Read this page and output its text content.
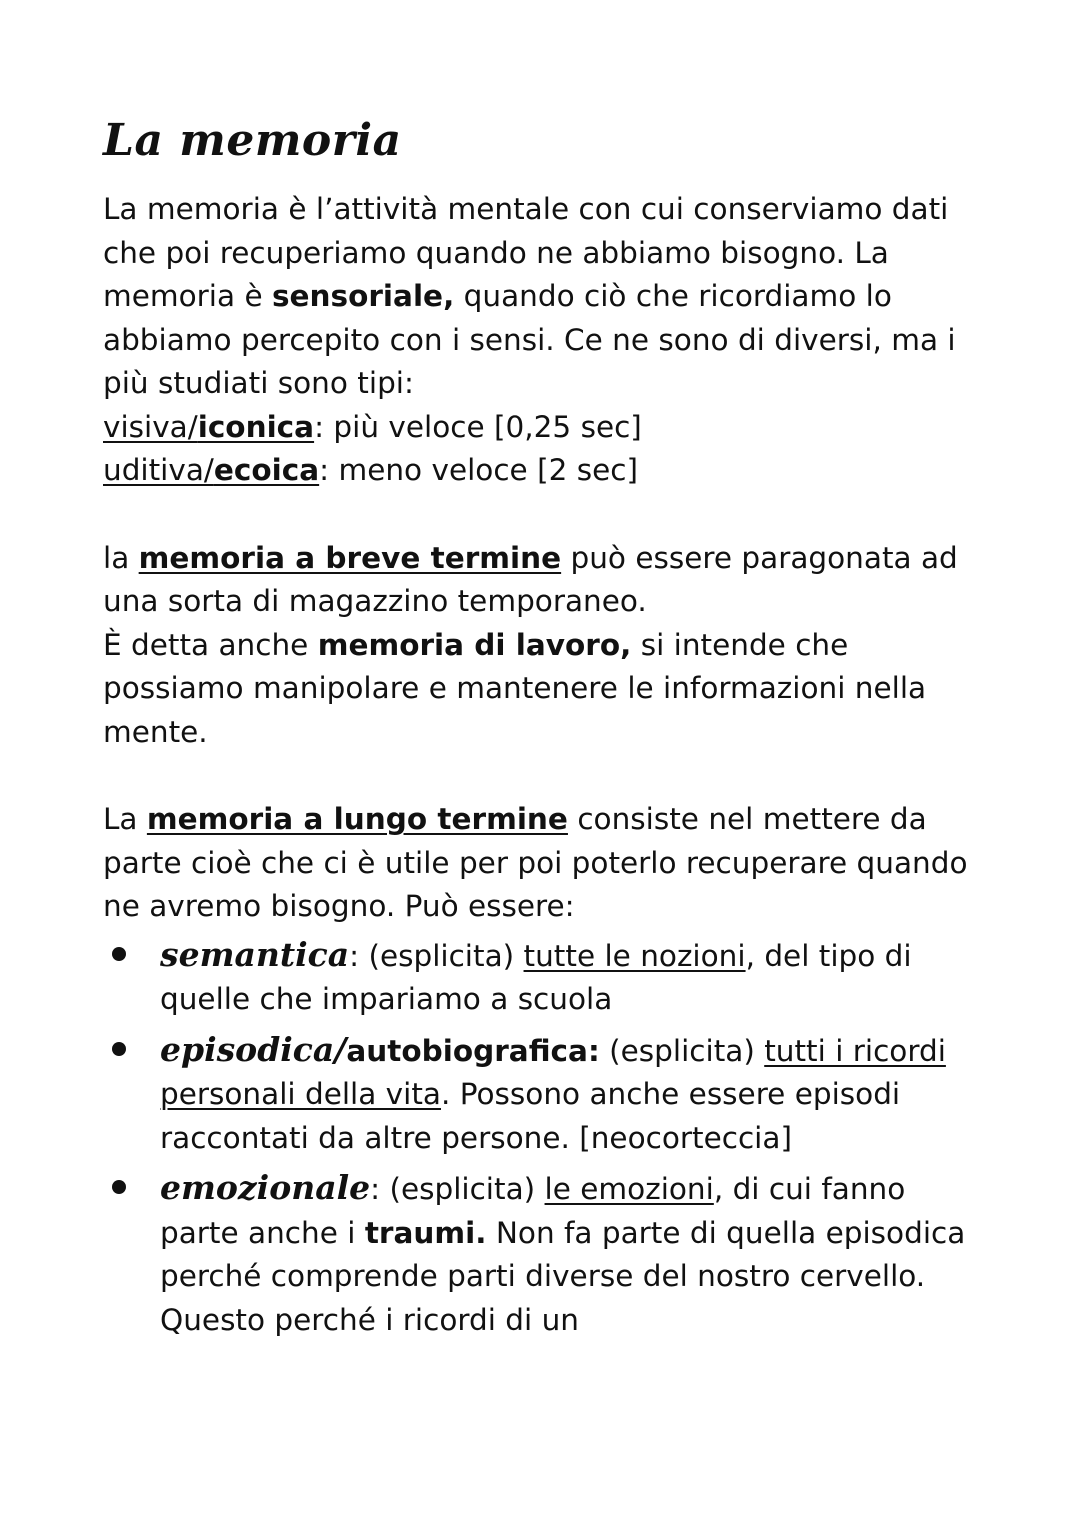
La memoria

La memoria è l’attività mentale con cui conserviamo dati che poi recuperiamo quando ne abbiamo bisogno. La memoria è sensoriale, quando ciò che ricordiamo lo abbiamo percepito con i sensi. Ce ne sono di diversi, ma i più studiati sono tipi:
visiva/iconica: più veloce [0,25 sec]
uditiva/ecoica: meno veloce [2 sec]

la memoria a breve termine può essere paragonata ad una sorta di magazzino temporaneo.
È detta anche memoria di lavoro, si intende che possiamo manipolare e mantenere le informazioni nella mente.

La memoria a lungo termine consiste nel mettere da parte cioè che ci è utile per poi poterlo recuperare quando ne avremo bisogno. Può essere:

semantica: (esplicita) tutte le nozioni, del tipo di quelle che impariamo a scuola
episodica/autobiografica: (esplicita) tutti i ricordi personali della vita. Possono anche essere episodi raccontati da altre persone. [neocorteccia]
emozionale: (esplicita) le emozioni, di cui fanno parte anche i traumi. Non fa parte di quella episodica perché comprende parti diverse del nostro cervello. Questo perché i ricordi di un
